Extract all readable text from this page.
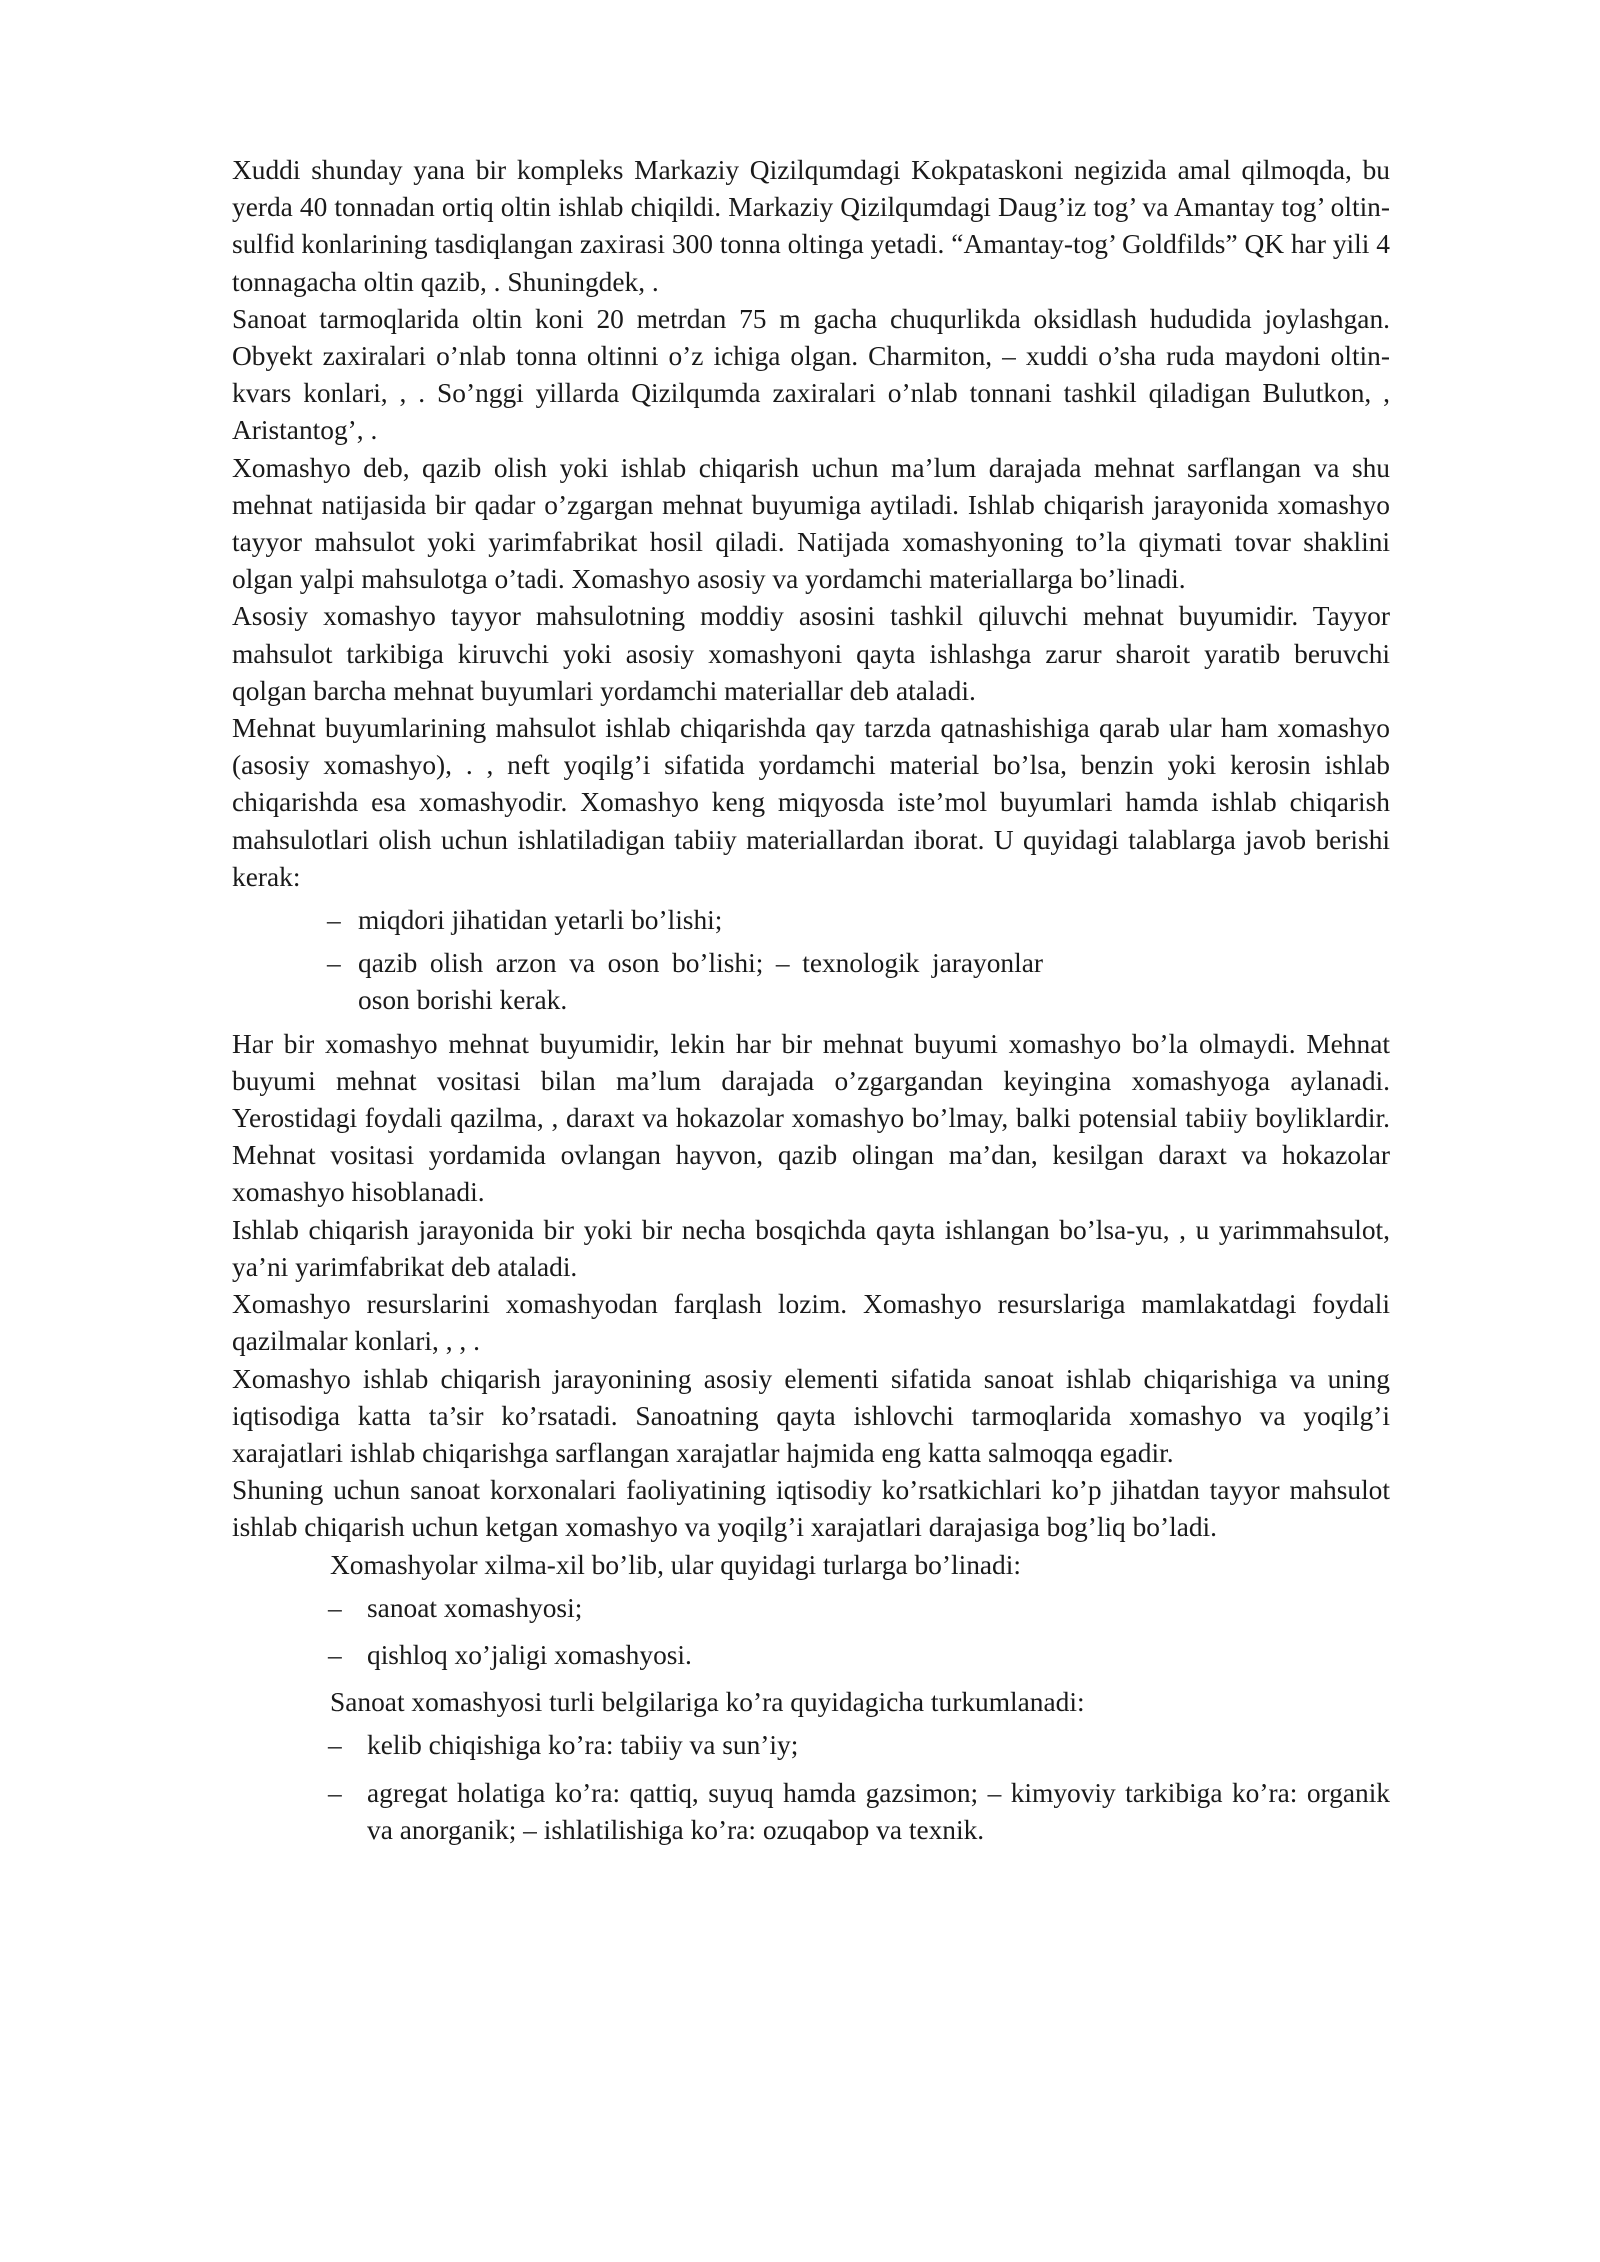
Xuddi shunday yana bir kompleks Markaziy Qizilqumdagi Kokpataskoni negizida amal qilmoqda, bu yerda 40 tonnadan ortiq oltin ishlab chiqildi. Markaziy Qizilqumdagi Daug’iz tog’ va Amantay tog’ oltin-sulfid konlarining tasdiqlangan zaxirasi 300 tonna oltinga yetadi. “Amantay-tog’ Goldfilds” QK har yili 4 tonnagacha oltin qazib, . Shuningdek, .

Sanoat tarmoqlarida oltin koni 20 metrdan 75 m gacha chuqurlikda oksidlash hududida joylashgan. Obyekt zaxiralari o’nlab tonna oltinni o’z ichiga olgan. Charmiton, – xuddi o’sha ruda maydoni oltin-kvars konlari, , . So’nggi yillarda Qizilqumda zaxiralari o’nlab tonnani tashkil qiladigan Bulutkon, , Aristantog’, .

Xomashyo deb, qazib olish yoki ishlab chiqarish uchun ma’lum darajada mehnat sarflangan va shu mehnat natijasida bir qadar o’zgargan mehnat buyumiga aytiladi. Ishlab chiqarish jarayonida xomashyo tayyor mahsulot yoki yarimfabrikat hosil qiladi. Natijada xomashyoning to’la qiymati tovar shaklini olgan yalpi mahsulotga o’tadi. Xomashyo asosiy va yordamchi materiallarga bo’linadi.

Asosiy xomashyo tayyor mahsulotning moddiy asosini tashkil qiluvchi mehnat buyumidir. Tayyor mahsulot tarkibiga kiruvchi yoki asosiy xomashyoni qayta ishlashga zarur sharoit yaratib beruvchi qolgan barcha mehnat buyumlari yordamchi materiallar deb ataladi.

Mehnat buyumlarining mahsulot ishlab chiqarishda qay tarzda qatnashishiga qarab ular ham xomashyo (asosiy xomashyo), . , neft yoqilg’i sifatida yordamchi material bo’lsa, benzin yoki kerosin ishlab chiqarishda esa xomashyodir. Xomashyo keng miqyosda iste’mol buyumlari hamda ishlab chiqarish mahsulotlari olish uchun ishlatiladigan tabiiy materiallardan iborat. U quyidagi talablarga javob berishi kerak:

– miqdori jihatidan yetarli bo’lishi;
– qazib olish arzon va oson bo’lishi; – texnologik jarayonlar oson borishi kerak.

Har bir xomashyo mehnat buyumidir, lekin har bir mehnat buyumi xomashyo bo’la olmaydi. Mehnat buyumi mehnat vositasi bilan ma’lum darajada o’zgargandan keyingina xomashyoga aylanadi. Yerostidagi foydali qazilma, , daraxt va hokazolar xomashyo bo’lmay, balki potensial tabiiy boyliklardir. Mehnat vositasi yordamida ovlangan hayvon, qazib olingan ma’dan, kesilgan daraxt va hokazolar xomashyo hisoblanadi.

Ishlab chiqarish jarayonida bir yoki bir necha bosqichda qayta ishlangan bo’lsa-yu, , u yarimmahsulot, ya’ni yarimfabrikat deb ataladi.

Xomashyo resurslarini xomashyodan farqlash lozim. Xomashyo resurslariga mamlakatdagi foydali qazilmalar konlari, , , .

Xomashyo ishlab chiqarish jarayonining asosiy elementi sifatida sanoat ishlab chiqarishiga va uning iqtisodiga katta ta’sir ko’rsatadi. Sanoatning qayta ishlovchi tarmoqlarida xomashyo va yoqilg’i xarajatlari ishlab chiqarishga sarflangan xarajatlar hajmida eng katta salmoqqa egadir.

Shuning uchun sanoat korxonalari faoliyatining iqtisodiy ko’rsatkichlari ko’p jihatdan tayyor mahsulot ishlab chiqarish uchun ketgan xomashyo va yoqilg’i xarajatlari darajasiga bog’liq bo’ladi.

Xomashyolar xilma-xil bo’lib, ular quyidagi turlarga bo’linadi:

– sanoat xomashyosi;
– qishloq xo’jaligi xomashyosi.

Sanoat xomashyosi turli belgilariga ko’ra quyidagicha turkumlanadi:

– kelib chiqishiga ko’ra: tabiiy va sun’iy;
– agregat holatiga ko’ra: qattiq, suyuq hamda gazsimon; – kimyoviy tarkibiga ko’ra: organik va anorganik; – ishlatilishiga ko’ra: ozuqabop va texnik.
